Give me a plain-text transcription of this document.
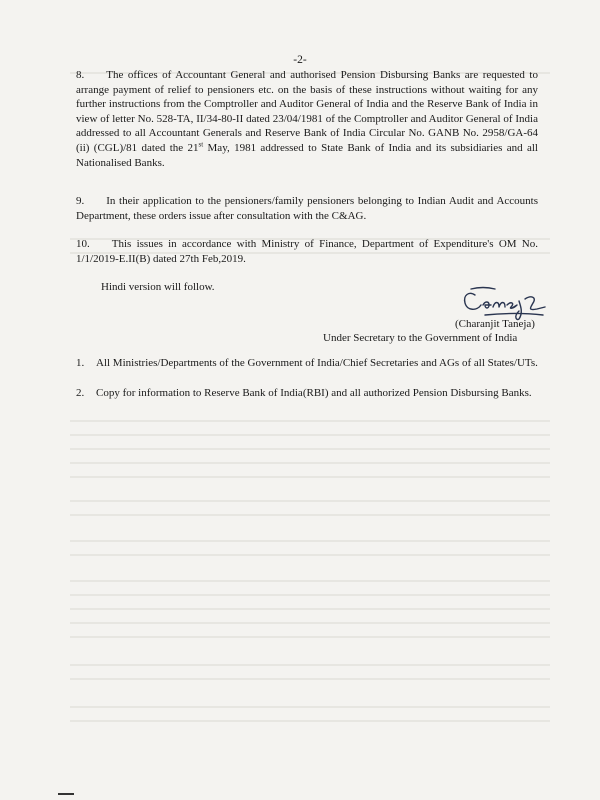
-2-

8. The offices of Accountant General and authorised Pension Disbursing Banks are requested to arrange payment of relief to pensioners etc. on the basis of these instructions without waiting for any further instructions from the Comptroller and Auditor General of India and the Reserve Bank of India in view of letter No. 528-TA, II/34-80-II dated 23/04/1981 of the Comptroller and Auditor General of India addressed to all Accountant Generals and Reserve Bank of India Circular No. GANB No. 2958/GA-64 (ii) (CGL)/81 dated the 21st May, 1981 addressed to State Bank of India and its subsidiaries and all Nationalised Banks.

9. In their application to the pensioners/family pensioners belonging to Indian Audit and Accounts Department, these orders issue after consultation with the C&AG.

10. This issues in accordance with Ministry of Finance, Department of Expenditure's OM No. 1/1/2019-E.II(B) dated 27th Feb,2019.

Hindi version will follow.

(Charanjit Taneja)
Under Secretary to the Government of India
1. All Ministries/Departments of the Government of India/Chief Secretaries and AGs of all States/UTs.
2. Copy for information to Reserve Bank of India(RBI) and all authorized Pension Disbursing Banks.
